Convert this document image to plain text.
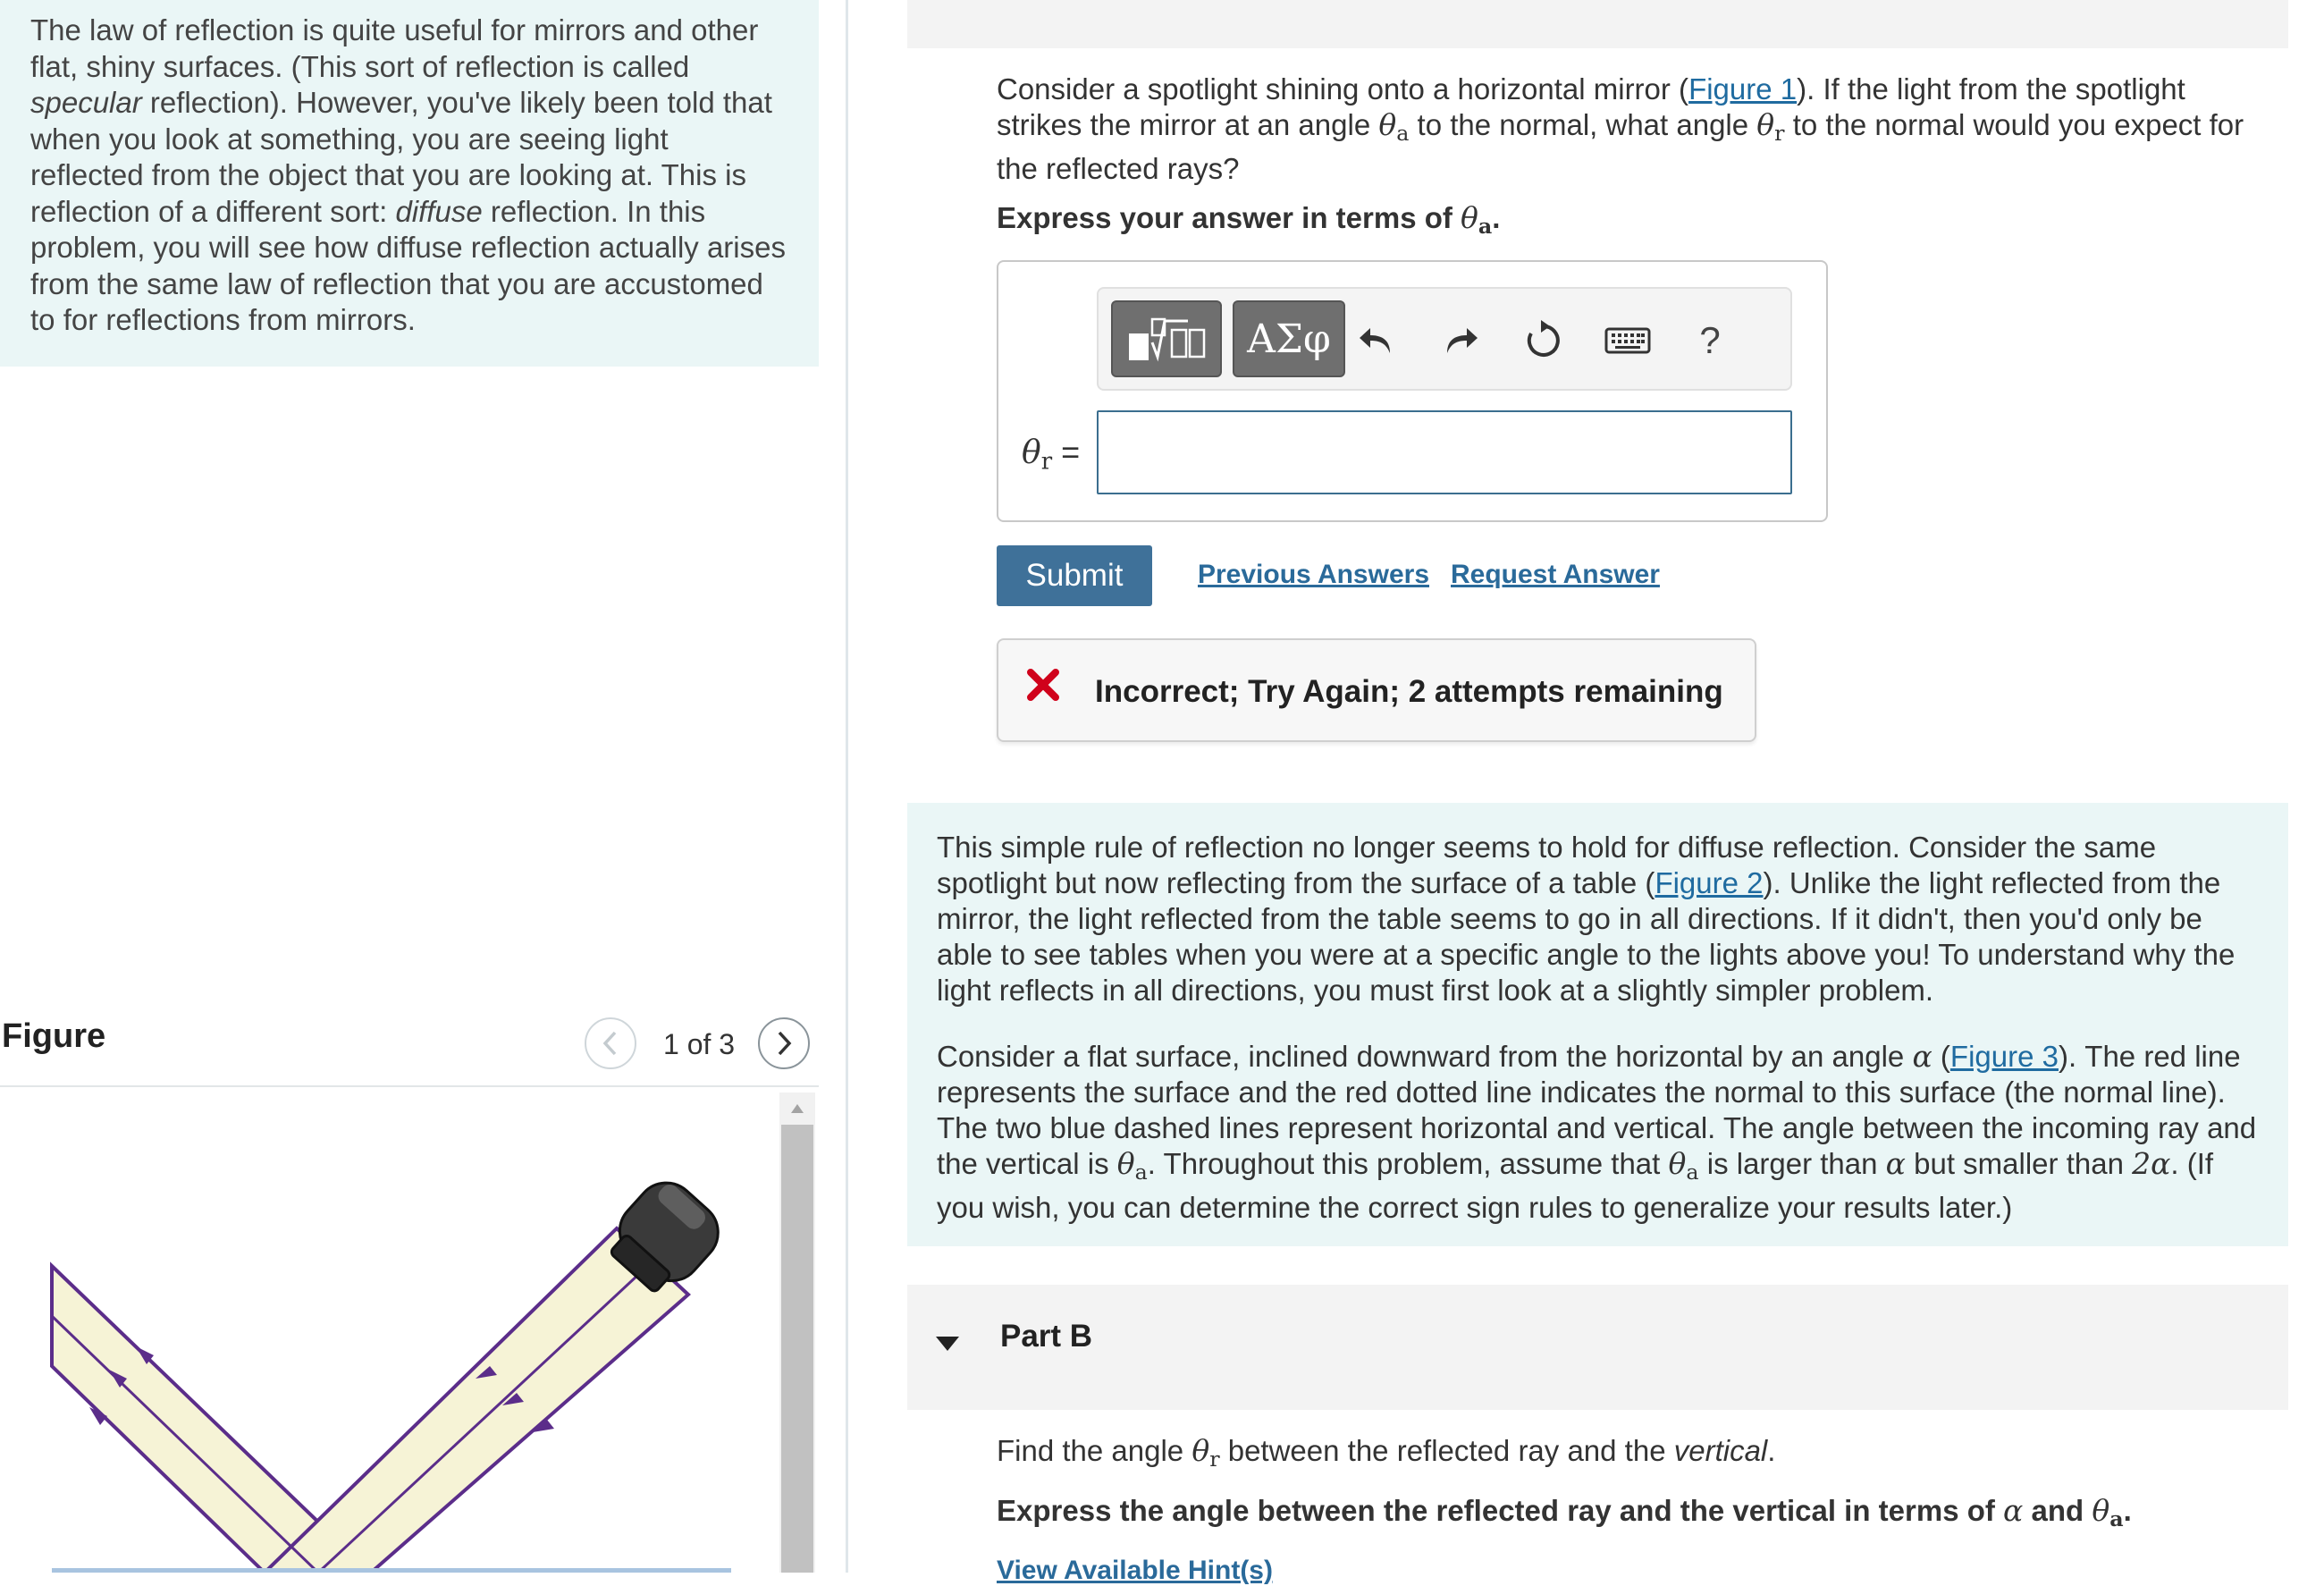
The law of reflection is quite useful for mirrors and other flat, shiny surfaces. (This sort of reflection is called specular reflection). However, you've likely been told that when you look at something, you are seeing light reflected from the object that you are looking at. This is reflection of a different sort: diffuse reflection. In this problem, you will see how diffuse reflection actually arises from the same law of reflection that you are accustomed to for reflections from mirrors.

Figure	1 of 3

Consider a spotlight shining onto a horizontal mirror (Figure 1). If the light from the spotlight strikes the mirror at an angle $\theta_a$ to the normal, what angle $\theta_r$ to the normal would you expect for the reflected rays?

Express your answer in terms of $\theta_a$.
ΑΣφ	?
$\theta_r$ =
Submit	Previous Answers Request Answer
Incorrect; Try Again; 2 attempts remaining

This simple rule of reflection no longer seems to hold for diffuse reflection. Consider the same spotlight but now reflecting from the surface of a table (Figure 2). Unlike the light reflected from the mirror, the light reflected from the table seems to go in all directions. If it didn't, then you'd only be able to see tables when you were at a specific angle to the lights above you! To understand why the light reflects in all directions, you must first look at a slightly simpler problem.

Consider a flat surface, inclined downward from the horizontal by an angle α (Figure 3). The red line represents the surface and the red dotted line indicates the normal to this surface (the normal line). The two blue dashed lines represent horizontal and vertical. The angle between the incoming ray and the vertical is $\theta_a$. Throughout this problem, assume that $\theta_a$ is larger than α but smaller than 2α. (If you wish, you can determine the correct sign rules to generalize your results later.)

Part B
Find the angle $\theta_r$ between the reflected ray and the vertical.
Express the angle between the reflected ray and the vertical in terms of α and $\theta_a$.
View Available Hint(s)
